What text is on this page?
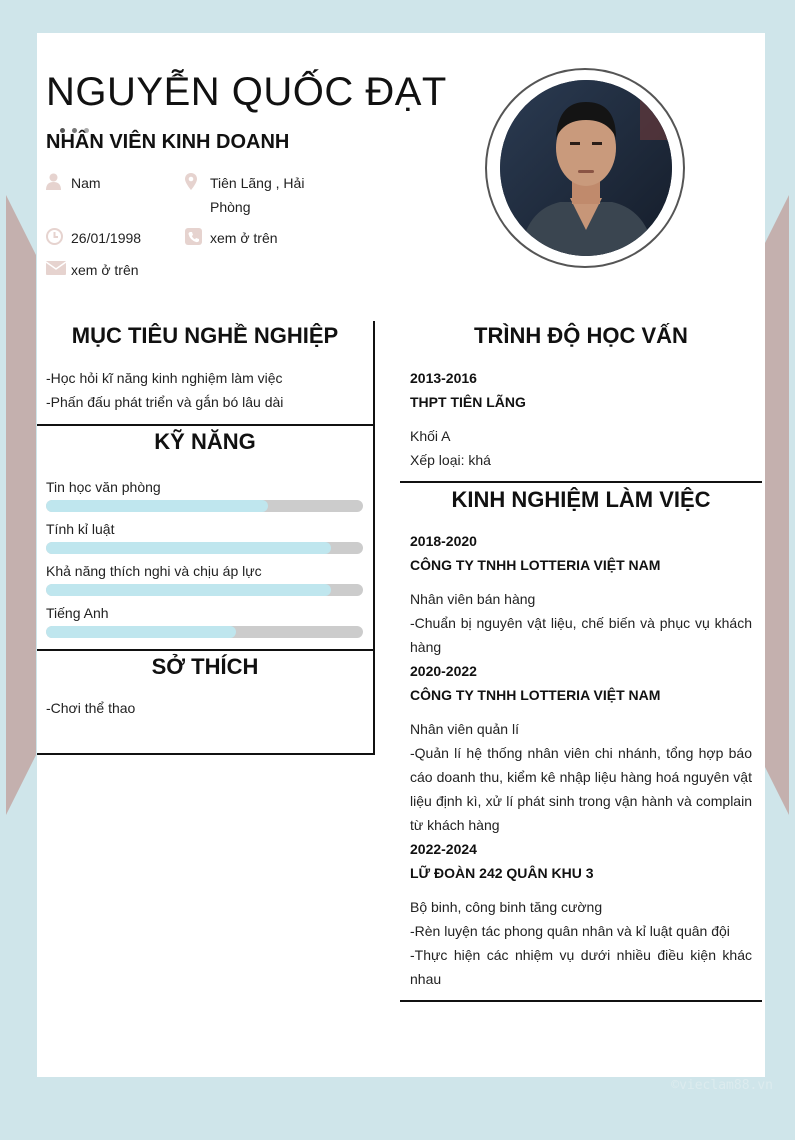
NGUYỄN QUỐC ĐẠT
NHÂN VIÊN KINH DOANH
Nam	Tiên Lãng , Hải Phòng
26/01/1998	xem ở trên
xem ở trên
MỤC TIÊU NGHỀ NGHIỆP
-Học hỏi kĩ năng kinh nghiệm làm việc
-Phấn đấu phát triển và gắn bó lâu dài
KỸ NĂNG
Tin học văn phòng
Tính kỉ luật
Khả năng thích nghi và chịu áp lực
Tiếng Anh
SỞ THÍCH
-Chơi thể thao
TRÌNH ĐỘ HỌC VẤN
2013-2016
THPT TIÊN LÃNG
Khối A
Xếp loại: khá
KINH NGHIỆM LÀM VIỆC
2018-2020
CÔNG TY TNHH LOTTERIA VIỆT NAM
Nhân viên bán hàng
-Chuẩn bị nguyên vật liệu, chế biến và phục vụ khách
hàng
2020-2022
CÔNG TY TNHH LOTTERIA VIỆT NAM
Nhân viên quản lí
-Quản lí hệ thống nhân viên chi nhánh, tổng hợp báo
cáo doanh thu, kiểm kê nhập liệu hàng hoá nguyên vật
liệu định kì, xử lí phát sinh trong vận hành và complain
từ khách hàng
2022-2024
LỮ ĐOÀN 242 QUÂN KHU 3
Bộ binh, công binh tăng cường
-Rèn luyện tác phong quân nhân và kỉ luật quân đội
-Thực hiện các nhiệm vụ dưới nhiều điều kiện khác
nhau
©vieclam88.vn
